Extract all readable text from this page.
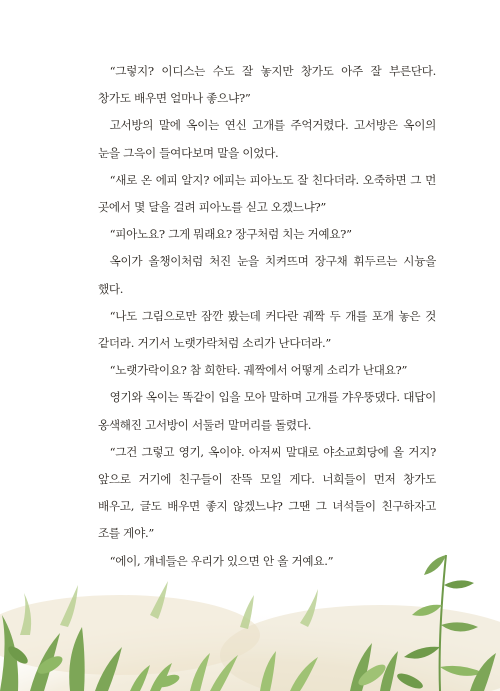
“그렇지? 이디스는 수도 잘 놓지만 창가도 아주 잘 부른단다. 창가도 배우면 얼마나 좋으냐?”

고서방의 말에 옥이는 연신 고개를 주억거렸다. 고서방은 옥이의 눈을 그윽이 들여다보며 말을 이었다.

“새로 온 에피 알지? 에피는 피아노도 잘 친다더라. 오죽하면 그 먼 곳에서 몇 달을 걸려 피아노를 싣고 오겠느냐?”

“피아노요? 그게 뭐래요? 장구처럼 치는 거예요?”

옥이가 올챙이처럼 처진 눈을 치켜뜨며 장구채 휘두르는 시늉을 했다.

“나도 그림으로만 잠깐 봤는데 커다란 궤짝 두 개를 포개 놓은 것 같더라. 거기서 노랫가락처럼 소리가 난다더라.”

“노랫가락이요? 참 희한타. 궤짝에서 어떻게 소리가 난대요?”

영기와 옥이는 똑같이 입을 모아 말하며 고개를 갸우뚱댔다. 대답이 옹색해진 고서방이 서둘러 말머리를 돌렸다.

“그건 그렇고 영기, 옥이야. 아저씨 말대로 야소교회당에 올 거지? 앞으로 거기에 친구들이 잔뜩 모일 게다. 너희들이 먼저 창가도 배우고, 글도 배우면 좋지 않겠느냐? 그땐 그 녀석들이 친구하자고 조를 게야.”

“에이, 걔네들은 우리가 있으면 안 올 거예요.”
